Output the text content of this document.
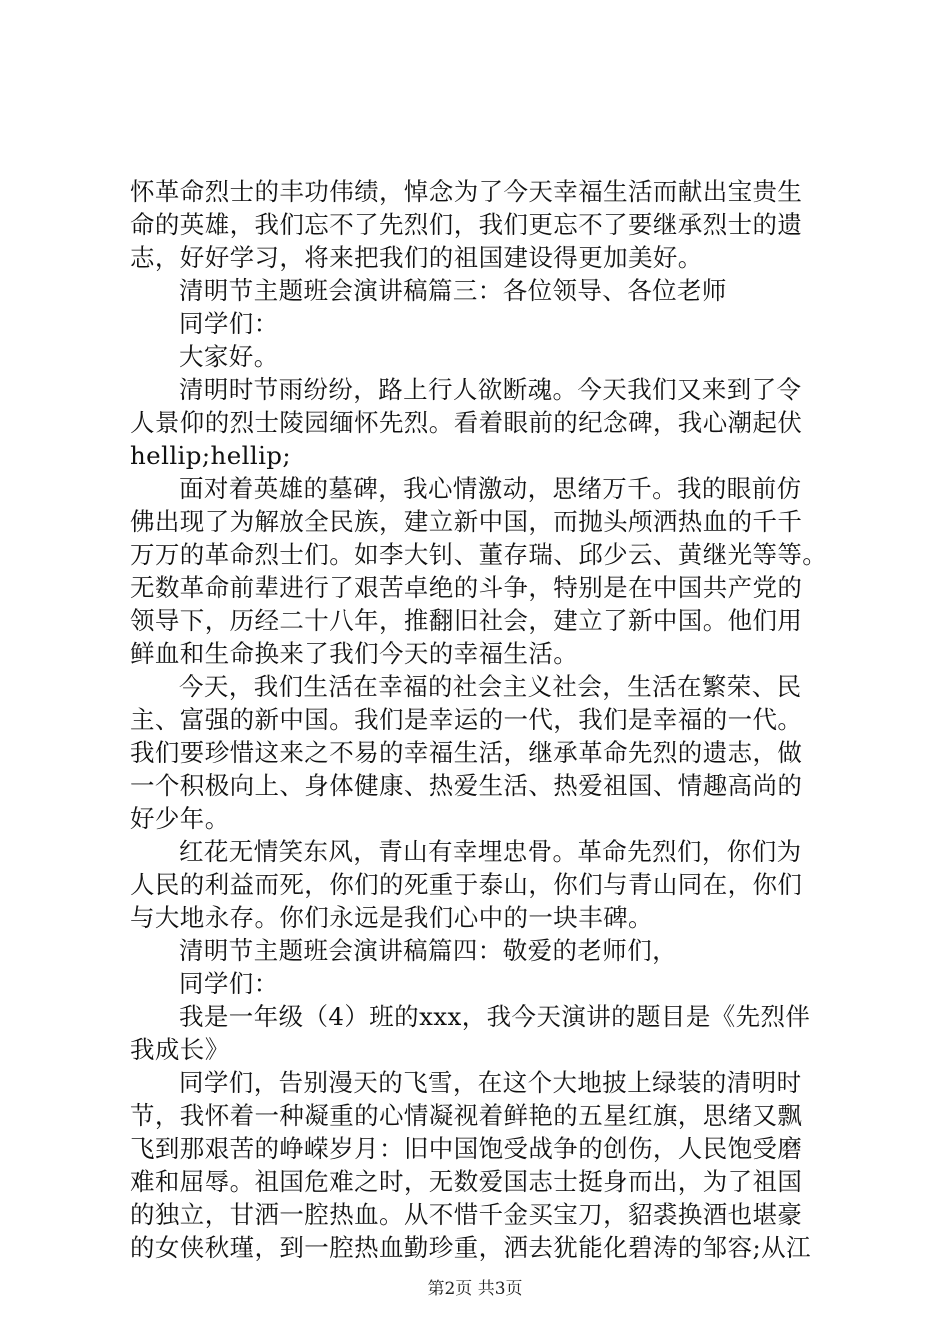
怀革命烈士的丰功伟绩，悼念为了今天幸福生活而献出宝贵生
命的英雄，我们忘不了先烈们，我们更忘不了要继承烈士的遗
志，好好学习，将来把我们的祖国建设得更加美好。
清明节主题班会演讲稿篇三：各位领导、各位老师
同学们：
大家好。
清明时节雨纷纷，路上行人欲断魂。今天我们又来到了令
人景仰的烈士陵园缅怀先烈。看着眼前的纪念碑，我心潮起伏
hellip;hellip;
面对着英雄的墓碑，我心情激动，思绪万千。我的眼前仿
佛出现了为解放全民族，建立新中国，而抛头颅洒热血的千千
万万的革命烈士们。如李大钊、董存瑞、邱少云、黄继光等等。
无数革命前辈进行了艰苦卓绝的斗争，特别是在中国共产党的
领导下，历经二十八年，推翻旧社会，建立了新中国。他们用
鲜血和生命换来了我们今天的幸福生活。
今天，我们生活在幸福的社会主义社会，生活在繁荣、民
主、富强的新中国。我们是幸运的一代，我们是幸福的一代。
我们要珍惜这来之不易的幸福生活，继承革命先烈的遗志，做
一个积极向上、身体健康、热爱生活、热爱祖国、情趣高尚的
好少年。
红花无情笑东风，青山有幸埋忠骨。革命先烈们，你们为
人民的利益而死，你们的死重于泰山，你们与青山同在，你们
与大地永存。你们永远是我们心中的一块丰碑。
清明节主题班会演讲稿篇四：敬爱的老师们，
同学们：
我是一年级（4）班的xxx，我今天演讲的题目是《先烈伴
我成长》
同学们，告别漫天的飞雪，在这个大地披上绿装的清明时
节，我怀着一种凝重的心情凝视着鲜艳的五星红旗，思绪又飘
飞到那艰苦的峥嵘岁月：旧中国饱受战争的创伤，人民饱受磨
难和屈辱。祖国危难之时，无数爱国志士挺身而出，为了祖国
的独立，甘洒一腔热血。从不惜千金买宝刀，貂裘换酒也堪豪
的女侠秋瑾，到一腔热血勤珍重，洒去犹能化碧涛的邹容;从江
第2页 共3页
